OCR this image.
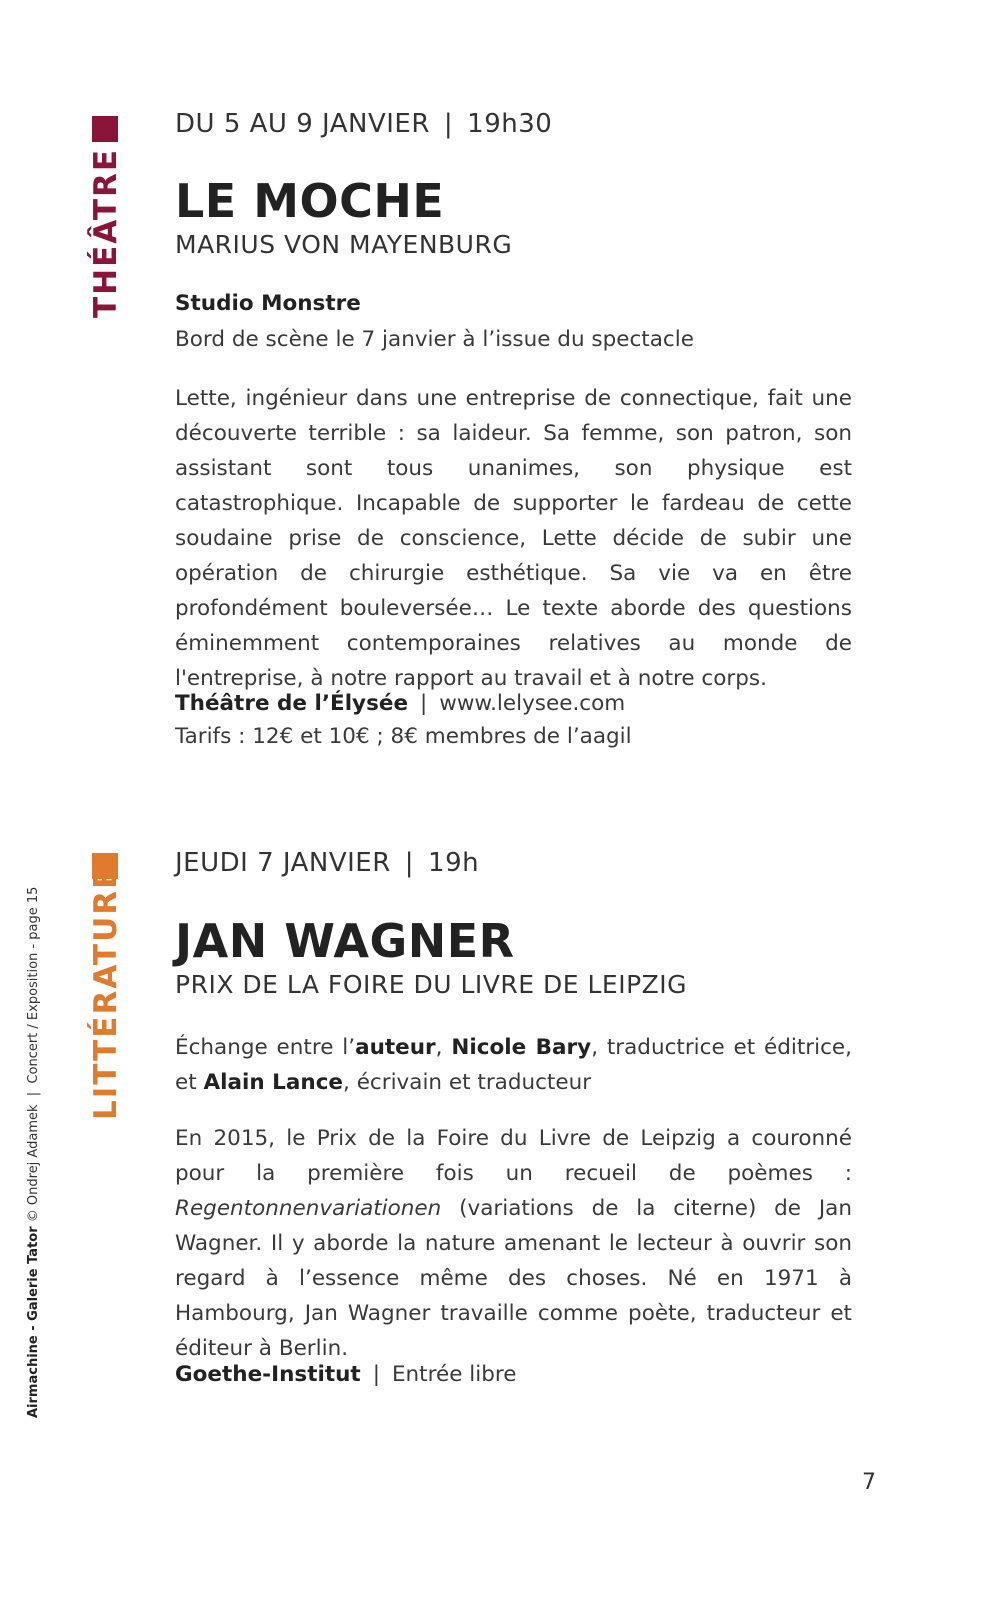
THÉÂTRE
DU 5 AU 9 JANVIER | 19h30
LE MOCHE
MARIUS VON MAYENBURG
Studio Monstre
Bord de scène le 7 janvier à l’issue du spectacle
Lette, ingénieur dans une entreprise de connectique, fait une découverte terrible : sa laideur. Sa femme, son patron, son assistant sont tous unanimes, son physique est catastrophique. Incapable de supporter le fardeau de cette soudaine prise de conscience, Lette décide de subir une opération de chirurgie esthétique. Sa vie va en être profondément bouleversée… Le texte aborde des questions éminemment contemporaines relatives au monde de l'entreprise, à notre rapport au travail et à notre corps.
Théâtre de l’Élysée | www.lelysee.com
Tarifs : 12€ et 10€ ; 8€ membres de l’aagil
LITTÉRATURE
JEUDI 7 JANVIER | 19h
JAN WAGNER
PRIX DE LA FOIRE DU LIVRE DE LEIPZIG
Échange entre l’auteur, Nicole Bary, traductrice et éditrice, et Alain Lance, écrivain et traducteur
En 2015, le Prix de la Foire du Livre de Leipzig a couronné pour la première fois un recueil de poèmes : Regentonnenvariationen (variations de la citerne) de Jan Wagner. Il y aborde la nature amenant le lecteur à ouvrir son regard à l’essence même des choses. Né en 1971 à Hambourg, Jan Wagner travaille comme poète, traducteur et éditeur à Berlin.
Goethe-Institut | Entrée libre
Airmachine - Galerie Tator © Ondrej Adamek  |  Concert / Exposition - page 15
7
